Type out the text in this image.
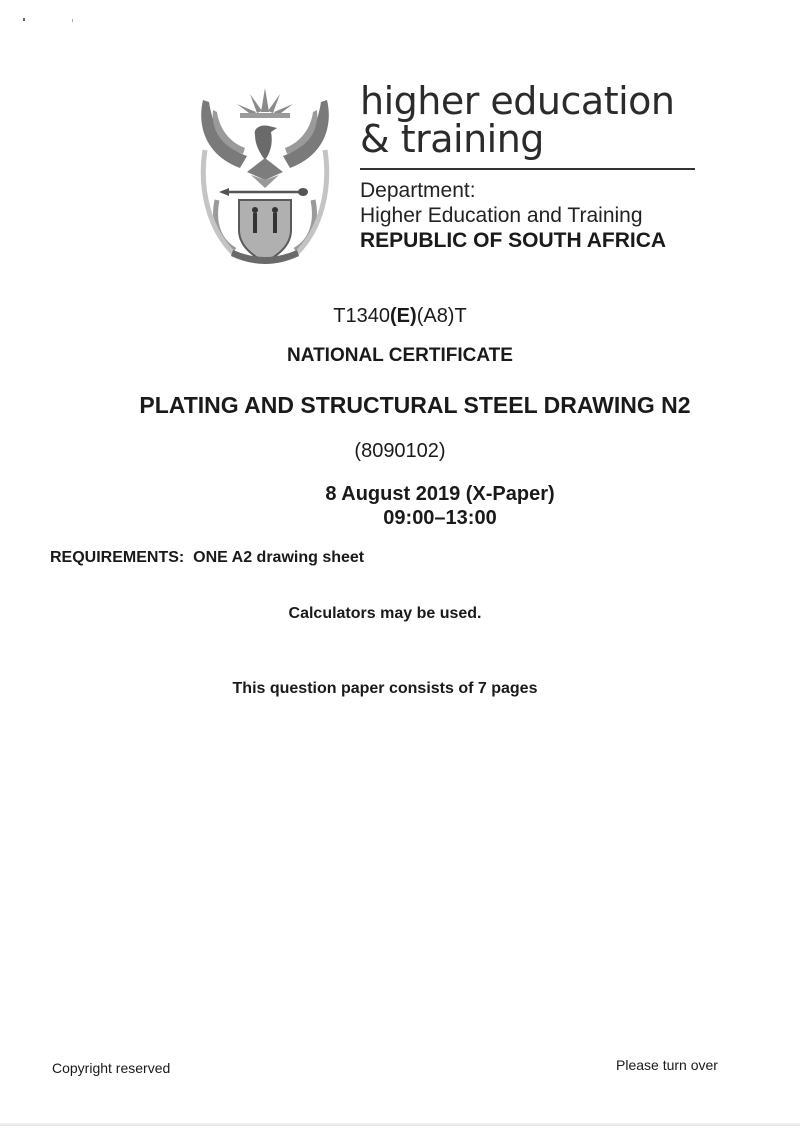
higher education
& training
Department:
Higher Education and Training
REPUBLIC OF SOUTH AFRICA
T1340(E)(A8)T
NATIONAL CERTIFICATE
PLATING AND STRUCTURAL STEEL DRAWING N2
(8090102)
8 August 2019 (X-Paper)
09:00–13:00
REQUIREMENTS:  ONE A2 drawing sheet
Calculators may be used.
This question paper consists of 7 pages
Copyright reserved	Please turn over
